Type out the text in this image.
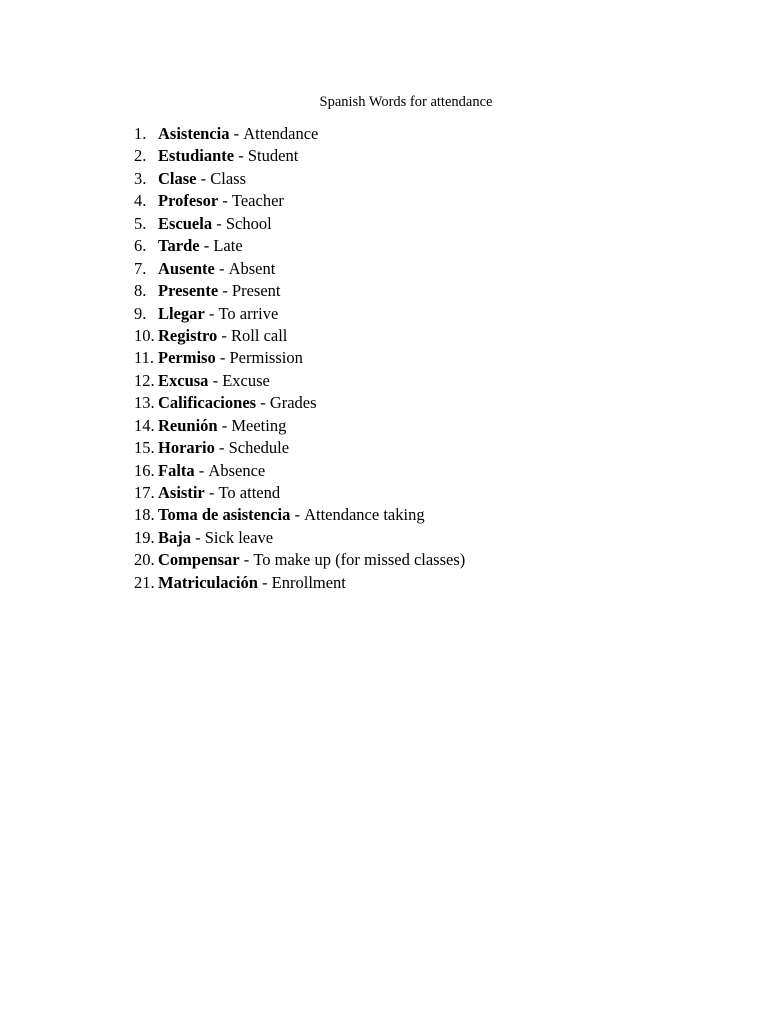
Spanish Words for attendance
1. Asistencia - Attendance
2. Estudiante - Student
3. Clase - Class
4. Profesor - Teacher
5. Escuela - School
6. Tarde - Late
7. Ausente - Absent
8. Presente - Present
9. Llegar - To arrive
10. Registro - Roll call
11. Permiso - Permission
12. Excusa - Excuse
13. Calificaciones - Grades
14. Reunión - Meeting
15. Horario - Schedule
16. Falta - Absence
17. Asistir - To attend
18. Toma de asistencia - Attendance taking
19. Baja - Sick leave
20. Compensar - To make up (for missed classes)
21. Matriculación - Enrollment
